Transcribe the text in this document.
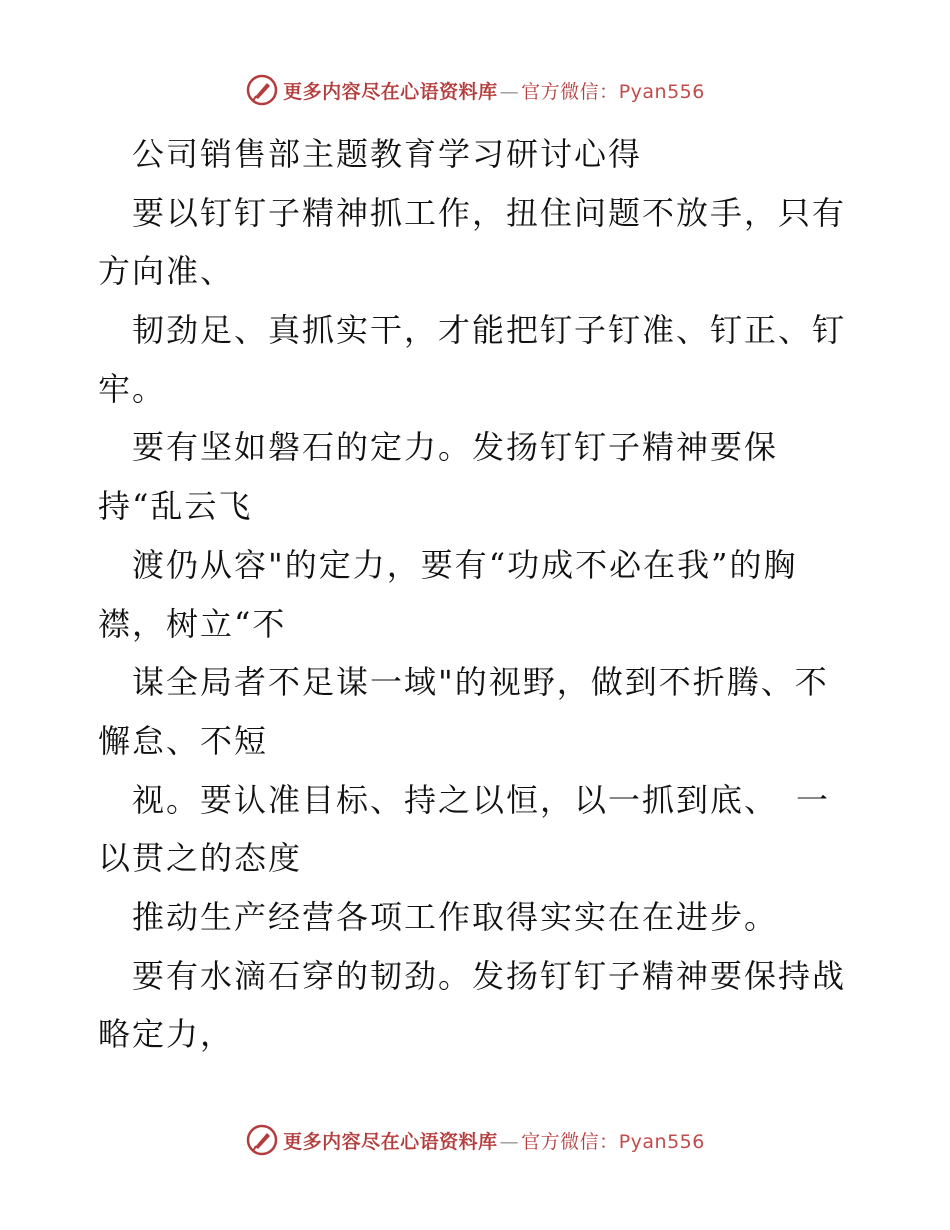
更多内容尽在心语资料库 — 官方微信：Pyan556
　公司销售部主题教育学习研讨心得
　要以钉钉子精神抓工作，扭住问题不放手，只有
方向准、
　韧劲足、真抓实干，才能把钉子钉准、钉正、钉
牢。
　要有坚如磐石的定力。发扬钉钉子精神要保
持“乱云飞
　渡仍从容"的定力，要有“功成不必在我”的胸
襟，树立“不
　谋全局者不足谋一域"的视野，做到不折腾、不
懈怠、不短
　视。要认准目标、持之以恒，以一抓到底、　一
以贯之的态度
　推动生产经营各项工作取得实实在在进步。
　要有水滴石穿的韧劲。发扬钉钉子精神要保持战
略定力，
更多内容尽在心语资料库 — 官方微信：Pyan556
